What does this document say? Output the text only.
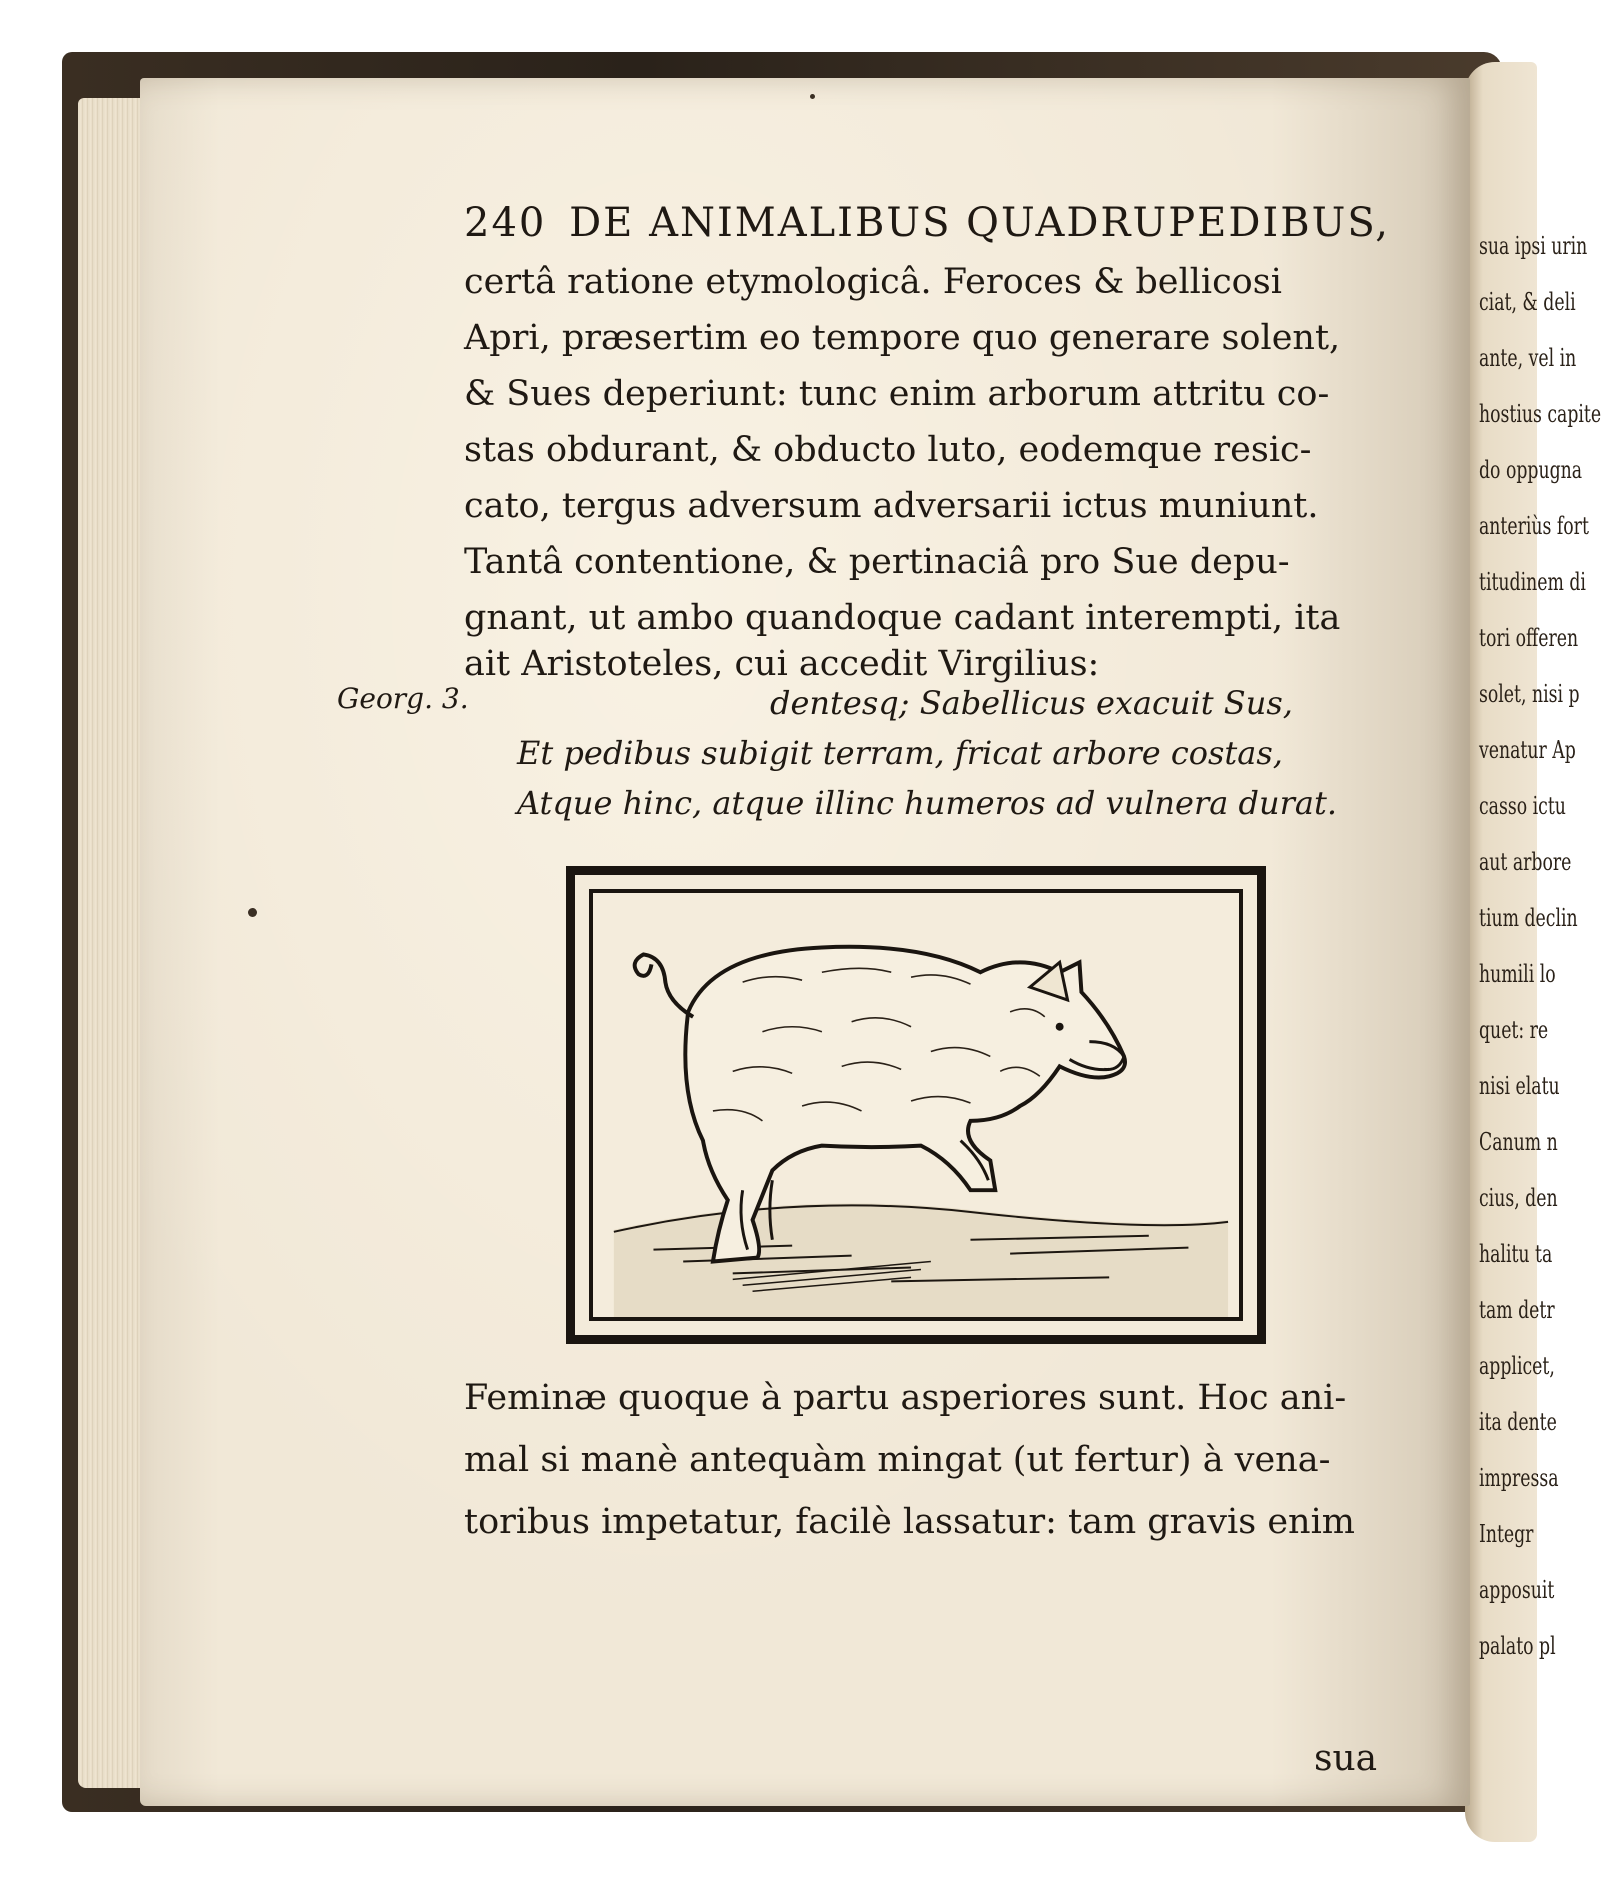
sua ipsi urin
ciat, & deli
ante, vel in
hostius capite
do oppugna
anteriùs fort
titudinem di
tori offeren
solet, nisi p
venatur Ap
casso ictu
aut arbore
tium declin
humili lo
quet: re
nisi elatu
Canum n
cius, den
halitu ta
tam detr
applicet,
ita dente
impressa
Integr
apposuit
palato pl
240 DE ANIMALIBUS QUADRUPEDIBUS,
certâ ratione etymologicâ. Feroces & bellicosi
Apri, præsertim eo tempore quo generare solent,
& Sues deperiunt: tunc enim arborum attritu co-
stas obdurant, & obducto luto, eodemque resic-
cato, tergus adversum adversarii ictus muniunt.
Tantâ contentione, & pertinaciâ pro Sue depu-
gnant, ut ambo quandoque cadant interempti, ita
ait Aristoteles, cui accedit Virgilius:
Georg. 3.	dentesq; Sabellicus exacuit Sus,
Et pedibus subigit terram, fricat arbore costas,
Atque hinc, atque illinc humeros ad vulnera durat.
Feminæ quoque à partu asperiores sunt. Hoc ani-
mal si manè antequàm mingat (ut fertur) à vena-
toribus impetatur, facilè lassatur: tam gravis enim
sua
